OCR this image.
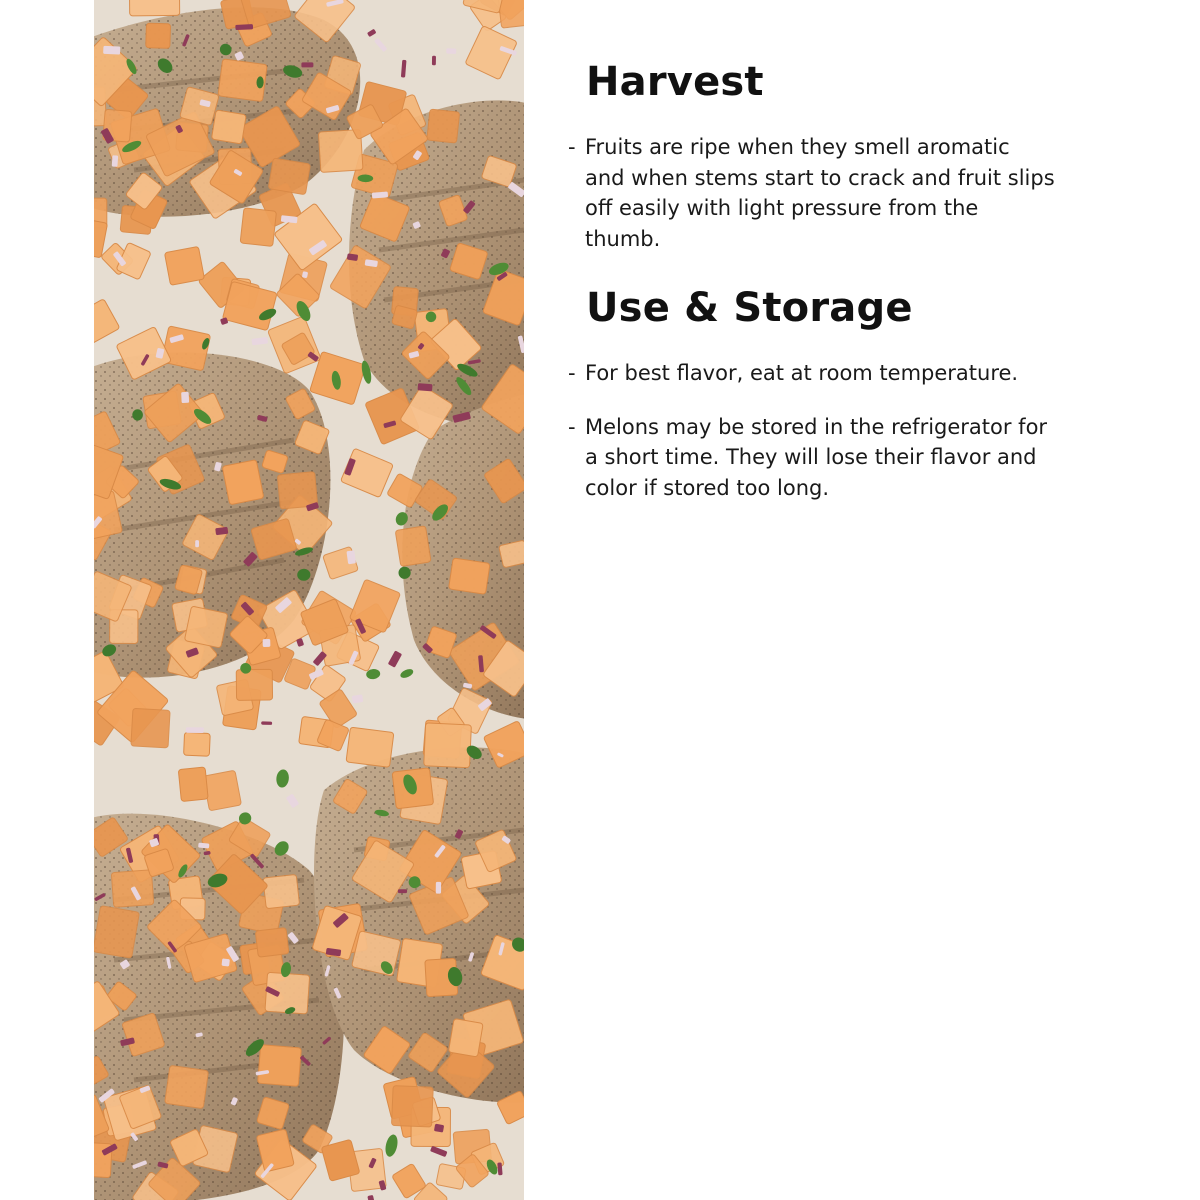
Harvest
- Fruits are ripe when they smell aromatic and when stems start to crack and fruit slips off easily with light pressure from the thumb.
Use & Storage
- For best flavor, eat at room temperature.
- Melons may be stored in the refrigerator for a short time. They will lose their flavor and color if stored too long.
